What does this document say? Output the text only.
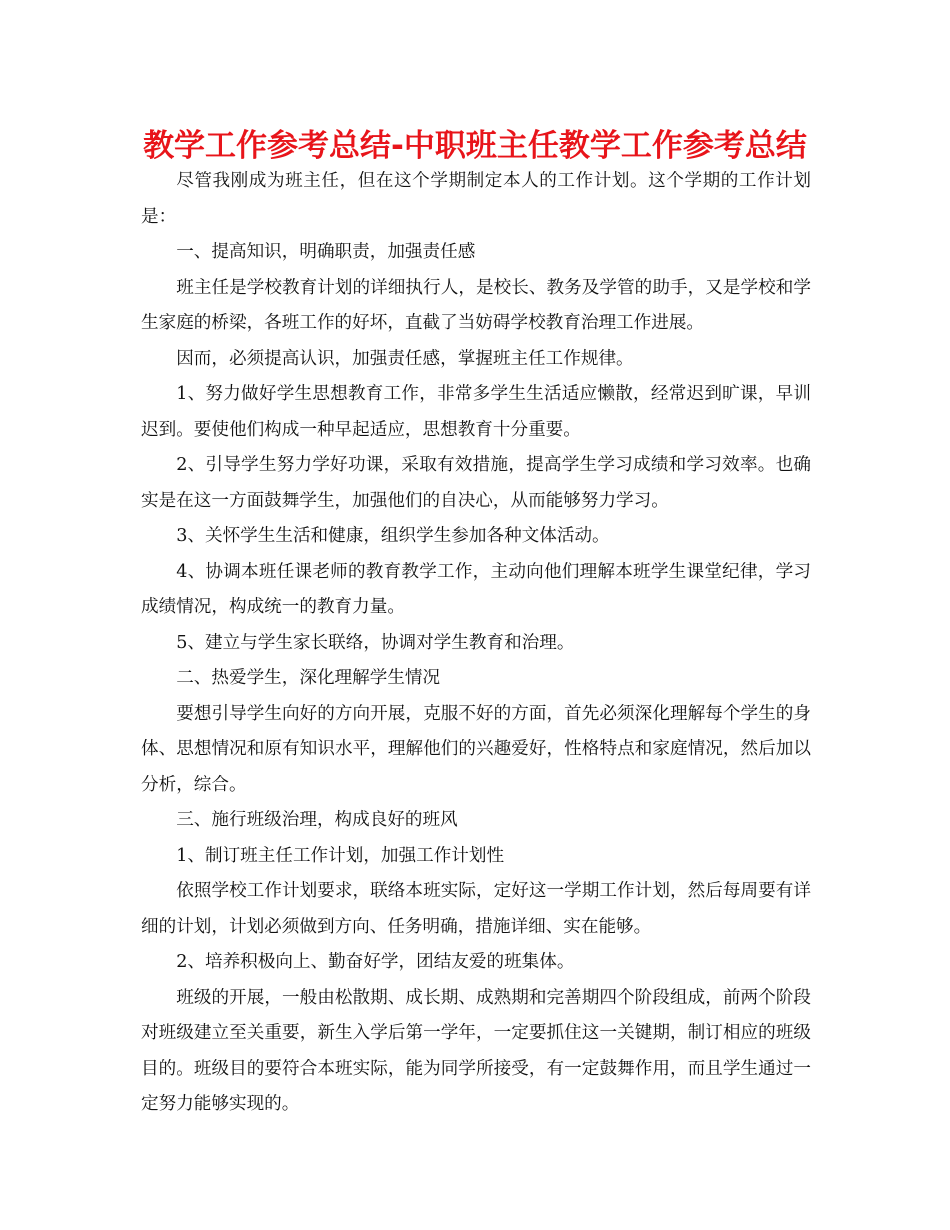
教学工作参考总结-中职班主任教学工作参考总结

尽管我刚成为班主任，但在这个学期制定本人的工作计划。这个学期的工作计划是：

一、提高知识，明确职责，加强责任感

班主任是学校教育计划的详细执行人，是校长、教务及学管的助手，又是学校和学生家庭的桥梁，各班工作的好坏，直截了当妨碍学校教育治理工作进展。

因而，必须提高认识，加强责任感，掌握班主任工作规律。

1、努力做好学生思想教育工作，非常多学生生活适应懒散，经常迟到旷课，早训迟到。要使他们构成一种早起适应，思想教育十分重要。

2、引导学生努力学好功课，采取有效措施，提高学生学习成绩和学习效率。也确实是在这一方面鼓舞学生，加强他们的自决心，从而能够努力学习。

3、关怀学生生活和健康，组织学生参加各种文体活动。

4、协调本班任课老师的教育教学工作，主动向他们理解本班学生课堂纪律，学习成绩情况，构成统一的教育力量。

5、建立与学生家长联络，协调对学生教育和治理。

二、热爱学生，深化理解学生情况

要想引导学生向好的方向开展，克服不好的方面，首先必须深化理解每个学生的身体、思想情况和原有知识水平，理解他们的兴趣爱好，性格特点和家庭情况，然后加以分析，综合。

三、施行班级治理，构成良好的班风

1、制订班主任工作计划，加强工作计划性

依照学校工作计划要求，联络本班实际，定好这一学期工作计划，然后每周要有详细的计划，计划必须做到方向、任务明确，措施详细、实在能够。

2、培养积极向上、勤奋好学，团结友爱的班集体。

班级的开展，一般由松散期、成长期、成熟期和完善期四个阶段组成，前两个阶段对班级建立至关重要，新生入学后第一学年，一定要抓住这一关键期，制订相应的班级目的。班级目的要符合本班实际，能为同学所接受，有一定鼓舞作用，而且学生通过一定努力能够实现的。
